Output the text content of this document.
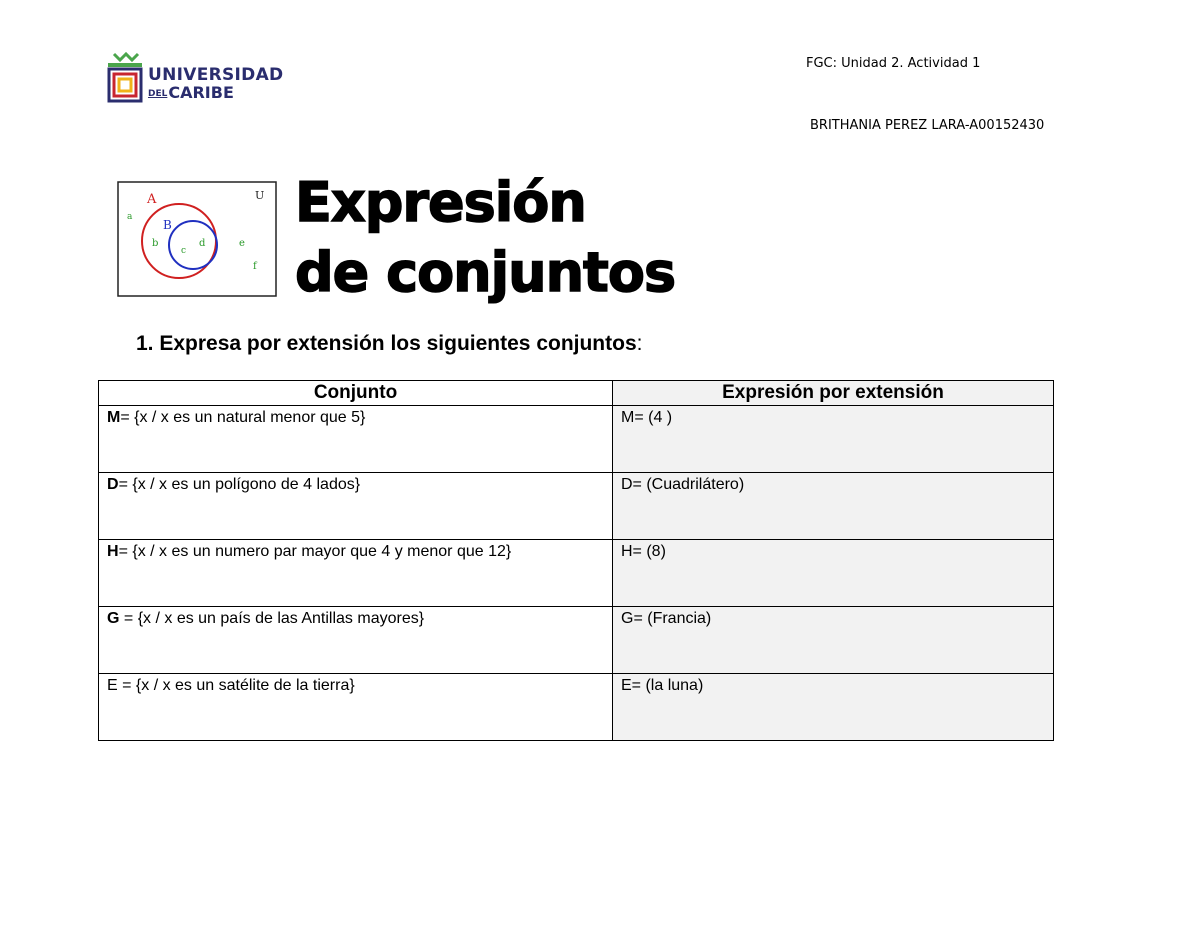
UNIVERSIDAD
DELCARIBE
FGC: Unidad 2. Actividad 1
BRITHANIA PEREZ LARA-A00152430
A
B
U
a
b
c
d	e
f
Expresión
de conjuntos
1. Expresa por extensión los siguientes conjuntos:
Conjunto	Expresión por extensión
M= {x / x es un natural menor que 5}	M= (4 )
D= {x / x es un polígono de 4 lados}	D= (Cuadrilátero)
H= {x / x es un numero par mayor que 4 y menor que 12}	H= (8)
G = {x / x es un país de las Antillas mayores}	G= (Francia)
E = {x / x es un satélite de la tierra}	E= (la luna)
